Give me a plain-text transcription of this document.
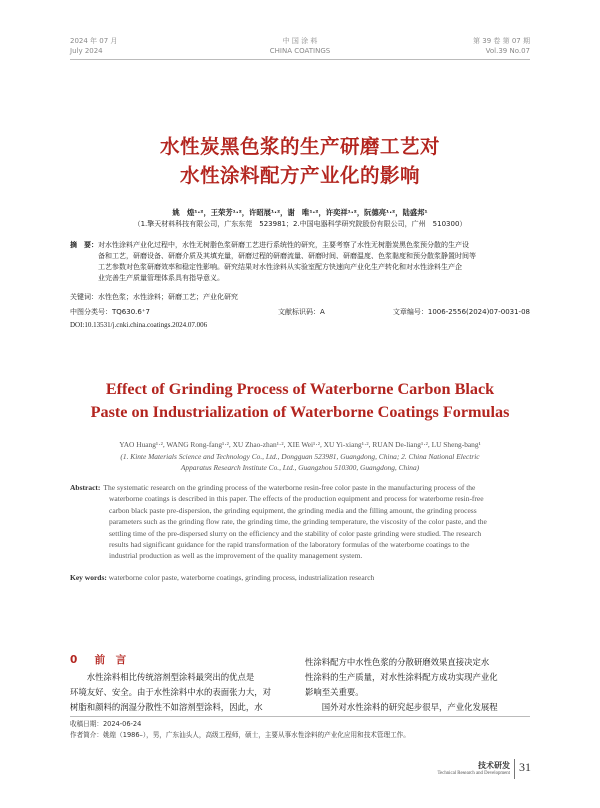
2024 年 07 月
July 2024
中 国 涂 料
CHINA COATINGS
第 39 卷 第 07 期
Vol.39 No.07
水性炭黑色浆的生产研磨工艺对
水性涂料配方产业化的影响
姚　煌¹·²，王荣芳¹·²，许昭展¹·²，谢　唯¹·²，许奕祥¹·²，阮德亮¹·²，陆盛邦¹
（1.擎天材料科技有限公司，广东东莞　523981；2.中国电器科学研究院股份有限公司，广州　510300）
摘　要： 对水性涂料产业化过程中，水性无树脂色浆研磨工艺进行系统性的研究，主要考察了水性无树脂炭黑色浆预分散的生产设
备和工艺，研磨设备、研磨介质及其填充量，研磨过程的研磨流量、研磨时间、研磨温度、色浆黏度和预分散浆静置时间等
工艺参数对色浆研磨效率和稳定性影响。研究结果对水性涂料从实验室配方快速向产业化生产转化和对水性涂料生产企
业完善生产质量管理体系具有指导意义。
关键词：水性色浆；水性涂料；研磨工艺；产业化研究
中图分类号：TQ630.6⁺7	文献标识码：A	文章编号：1006-2556(2024)07-0031-08
DOI:10.13531/j.cnki.china.coatings.2024.07.006
Effect of Grinding Process of Waterborne Carbon Black
Paste on Industrialization of Waterborne Coatings Formulas
YAO Huang¹·², WANG Rong-fang¹·², XU Zhao-zhan¹·², XIE Wei¹·², XU Yi-xiang¹·², RUAN De-liang¹·², LU Sheng-bang¹
(1. Kinte Materials Science and Technology Co., Ltd., Dongguan 523981, Guangdong, China; 2. China National Electric
Apparatus Research Institute Co., Ltd., Guangzhou 510300, Guangdong, China)
Abstract: The systematic research on the grinding process of the waterborne resin-free color paste in the manufacturing process of the
waterborne coatings is described in this paper. The effects of the production equipment and process for waterborne resin-free
carbon black paste pre-dispersion, the grinding equipment, the grinding media and the filling amount, the grinding process
parameters such as the grinding flow rate, the grinding time, the grinding temperature, the viscosity of the color paste, and the
settling time of the pre-dispersed slurry on the efficiency and the stability of color paste grinding were studied. The research
results had significant guidance for the rapid transformation of the laboratory formulas of the waterborne coatings to the
industrial production as well as the improvement of the quality management system.
Key words: waterborne color paste, waterborne coatings, grinding process, industrialization research
0 前　言
　　水性涂料相比传统溶剂型涂料最突出的优点是
环境友好、安全。由于水性涂料中水的表面张力大，对
树脂和颜料的润湿分散性不如溶剂型涂料，因此，水
性涂料配方中水性色浆的分散研磨效果直接决定水
性涂料的生产质量，对水性涂料配方成功实现产业化
影响至关重要。
　　国外对水性涂料的研究起步很早，产业化发展程
收稿日期：2024-06-24
作者简介：姚煌（1986–），男，广东汕头人，高级工程师，硕士，主要从事水性涂料的产业化应用和技术管理工作。
技术研发
Technical Research and Development 31
